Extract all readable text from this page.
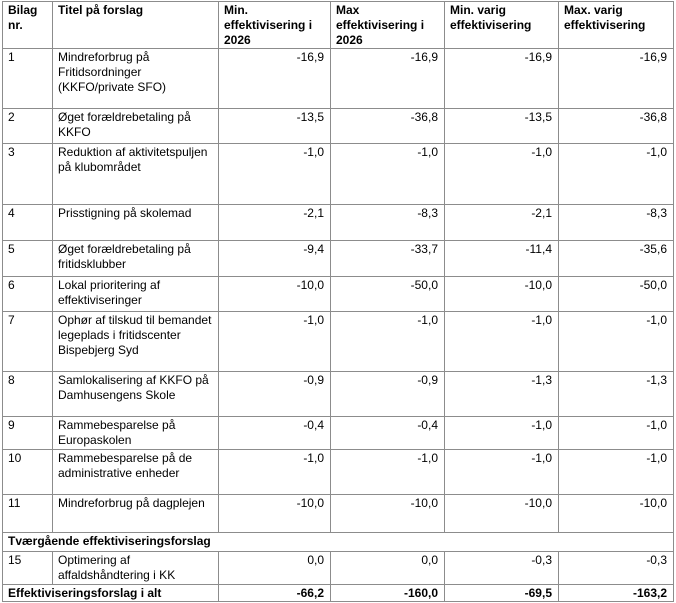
Bilag nr.	Titel på forslag	Min. effektivisering i 2026	Max effektivisering i 2026	Min. varig effektivisering	Max. varig effektivisering
1	Mindreforbrug på Fritidsordninger (KKFO/private SFO)	-16,9	-16,9	-16,9	-16,9
2	Øget forældrebetaling på KKFO	-13,5	-36,8	-13,5	-36,8
3	Reduktion af aktivitetspuljen på klubområdet	-1,0	-1,0	-1,0	-1,0
4	Prisstigning på skolemad	-2,1	-8,3	-2,1	-8,3
5	Øget forældrebetaling på fritidsklubber	-9,4	-33,7	-11,4	-35,6
6	Lokal prioritering af effektiviseringer	-10,0	-50,0	-10,0	-50,0
7	Ophør af tilskud til bemandet legeplads i fritidscenter Bispebjerg Syd	-1,0	-1,0	-1,0	-1,0
8	Samlokalisering af KKFO på Damhusengens Skole	-0,9	-0,9	-1,3	-1,3
9	Rammebesparelse på Europaskolen	-0,4	-0,4	-1,0	-1,0
10	Rammebesparelse på de administrative enheder	-1,0	-1,0	-1,0	-1,0
11	Mindreforbrug på dagplejen	-10,0	-10,0	-10,0	-10,0
Tværgående effektiviseringsforslag					
15	Optimering af affaldshåndtering i KK	0,0	0,0	-0,3	-0,3
Effektiviseringsforslag i alt		-66,2	-160,0	-69,5	-163,2
